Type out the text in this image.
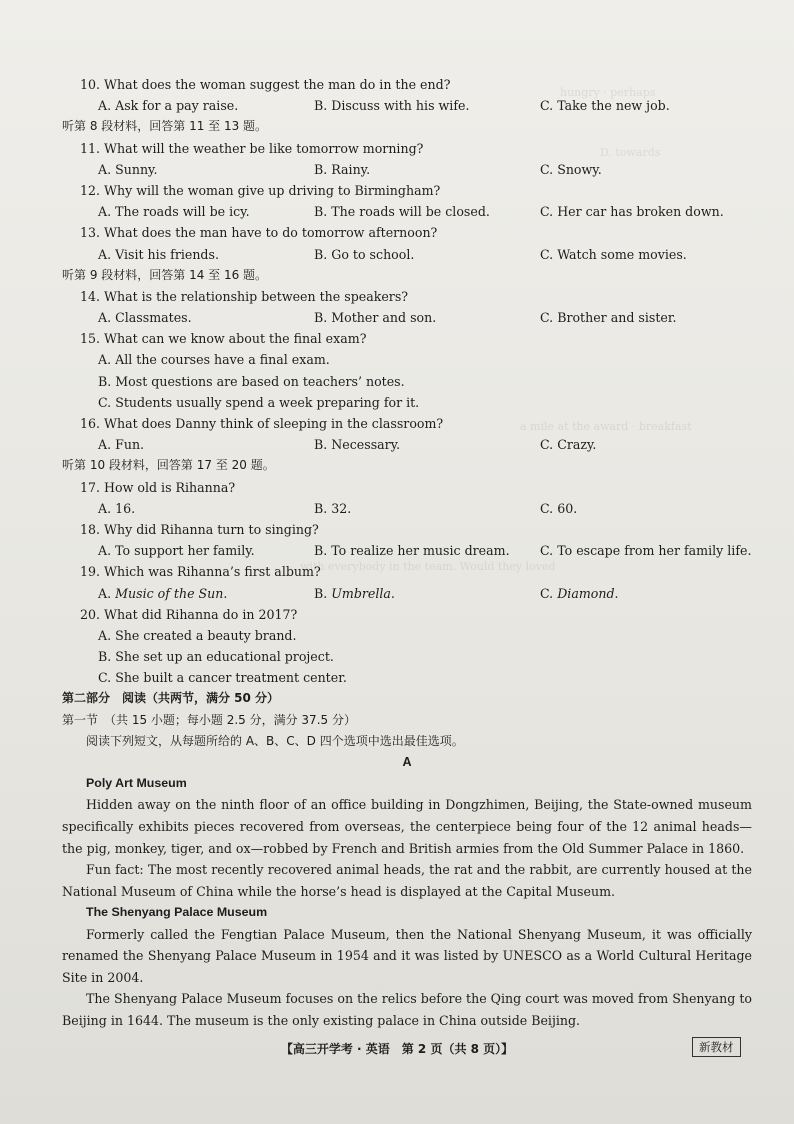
hungry · perhaps
D. towards
a mile at the award · breakfast
with everybody in the team. Would they loved
10. What does the woman suggest the man do in the end?
A. Ask for a pay raise.	B. Discuss with his wife.	C. Take the new job.
听第 8 段材料，回答第 11 至 13 题。
11. What will the weather be like tomorrow morning?
A. Sunny.	B. Rainy.	C. Snowy.
12. Why will the woman give up driving to Birmingham?
A. The roads will be icy.	B. The roads will be closed.	C. Her car has broken down.
13. What does the man have to do tomorrow afternoon?
A. Visit his friends.	B. Go to school.	C. Watch some movies.
听第 9 段材料，回答第 14 至 16 题。
14. What is the relationship between the speakers?
A. Classmates.	B. Mother and son.	C. Brother and sister.
15. What can we know about the final exam?
A. All the courses have a final exam.
B. Most questions are based on teachers’ notes.
C. Students usually spend a week preparing for it.
16. What does Danny think of sleeping in the classroom?
A. Fun.	B. Necessary.	C. Crazy.
听第 10 段材料，回答第 17 至 20 题。
17. How old is Rihanna?
A. 16.	B. 32.	C. 60.
18. Why did Rihanna turn to singing?
A. To support her family.	B. To realize her music dream. C. To escape from her family life.
19. Which was Rihanna’s first album?
A. Music of the Sun.	B. Umbrella.	C. Diamond.
20. What did Rihanna do in 2017?
A. She created a beauty brand.
B. She set up an educational project.
C. She built a cancer treatment center.
第二部分　阅读（共两节，满分 50 分）
第一节　（共 15 小题；每小题 2.5 分，满分 37.5 分）
阅读下列短文，从每题所给的 A、B、C、D 四个选项中选出最佳选项。
A
Poly Art Museum

Hidden away on the ninth floor of an office building in Dongzhimen, Beijing, the State-owned museum specifically exhibits pieces recovered from overseas, the centerpiece being four of the 12 animal heads—the pig, monkey, tiger, and ox—robbed by French and British armies from the Old Summer Palace in 1860.

Fun fact: The most recently recovered animal heads, the rat and the rabbit, are currently housed at the National Museum of China while the horse’s head is displayed at the Capital Museum.

The Shenyang Palace Museum

Formerly called the Fengtian Palace Museum, then the National Shenyang Museum, it was officially renamed the Shenyang Palace Museum in 1954 and it was listed by UNESCO as a World Cultural Heritage Site in 2004.

The Shenyang Palace Museum focuses on the relics before the Qing court was moved from Shenyang to Beijing in 1644. The museum is the only existing palace in China outside Beijing.

【高三开学考 · 英语　第 2 页（共 8 页）】	新教材
